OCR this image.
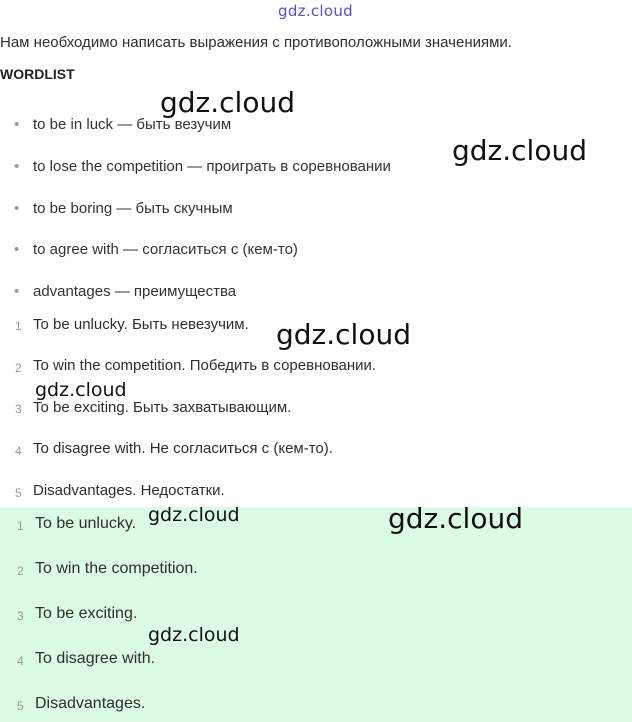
gdz.cloud
Нам необходимо написать выражения с противоположными значениями.
WORDLIST
• to be in luck — быть везучим
• to lose the competition — проиграть в соревновании
• to be boring — быть скучным
• to agree with — согласиться с (кем-то)
• advantages — преимущества
1 To be unlucky. Быть невезучим.
2 To win the competition. Победить в соревновании.
3 To be exciting. Быть захватывающим.
4 To disagree with. Не согласиться с (кем-то).
5 Disadvantages. Недостатки.
1 To be unlucky.
2 To win the competition.
3 To be exciting.
4 To disagree with.
5 Disadvantages.
gdz.cloud
gdz.cloud
gdz.cloud
gdz.cloud
gdz.cloud	gdz.cloud
gdz.cloud
